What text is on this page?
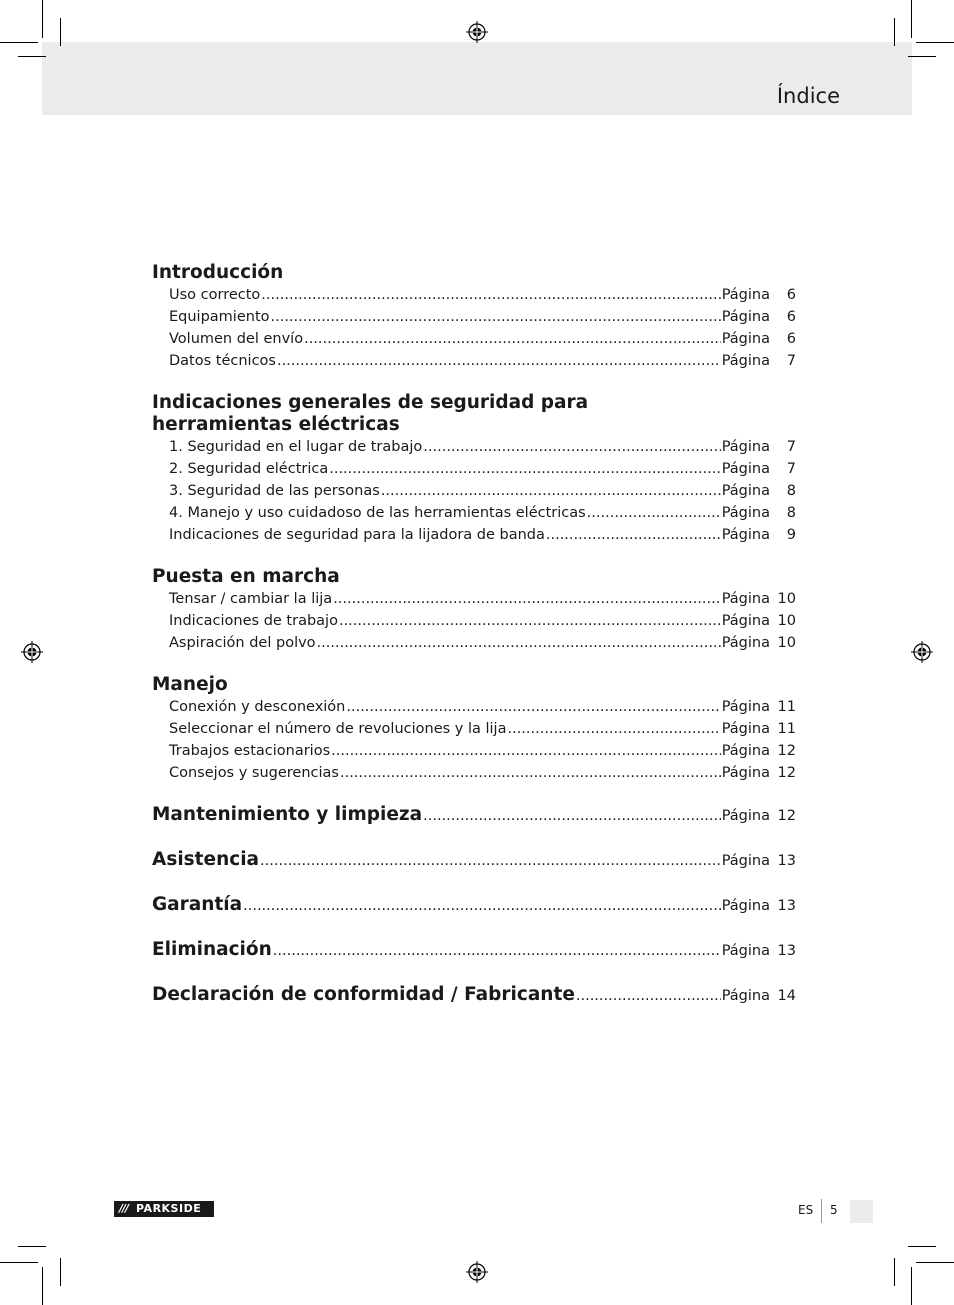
Índice
Introducción
Uso correcto .....	Página	6
Equipamiento .....	Página	6
Volumen del envío .....	Página	6
Datos técnicos .....	Página	7
Indicaciones generales de seguridad para
herramientas eléctricas
1. Seguridad en el lugar de trabajo .....	Página	7
2. Seguridad eléctrica .....	Página	7
3. Seguridad de las personas .....	Página	8
4. Manejo y uso cuidadoso de las herramientas eléctricas .....	Página	8
Indicaciones de seguridad para la lijadora de banda .....	Página	9
Puesta en marcha
Tensar / cambiar la lija .....	Página 10
Indicaciones de trabajo .....	Página 10
Aspiración del polvo .....	Página 10
Manejo
Conexión y desconexión .....	Página 11
Seleccionar el número de revoluciones y la lija .....	Página 11
Trabajos estacionarios .....	Página 12
Consejos y sugerencias .....	Página 12
Mantenimiento y limpieza .....	Página 12
Asistencia .....	Página 13
Garantía .....	Página 13
Eliminación .....	Página 13
Declaración de conformidad / Fabricante .....	Página 14
/// PARKSIDE	ES 5
